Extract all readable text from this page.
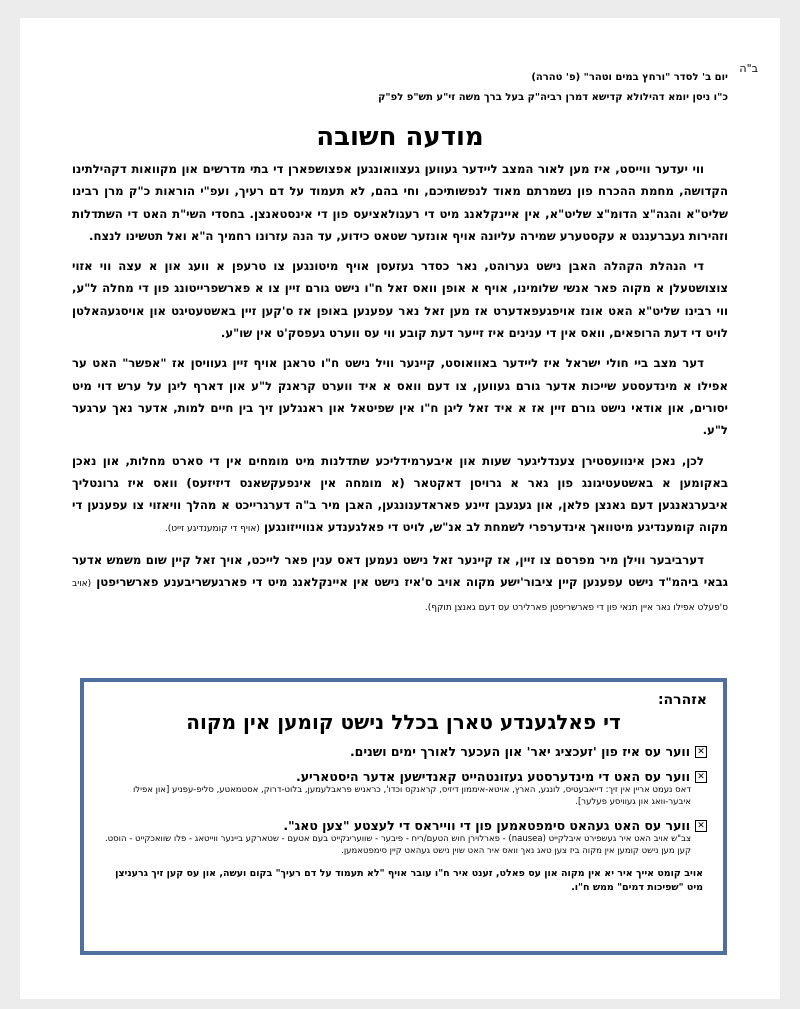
ב"ה
יום ב' לסדר "ורחץ במים וטהר" (פ' טהרה)
כ"ו ניסן יומא דהילולא קדישא דמרן רביה"ק בעל ברך משה זי"ע תש"פ לפ"ק
מודעה חשובה

ווי יעדער ווייסט, איז מען לאור המצב ליידער געווען געצוואונגען אפצושפארן די בתי מדרשים און מקוואות דקהילתינו הקדושה, מחמת ההכרח פון נשמרתם מאוד לנפשותיכם, וחי בהם, לא תעמוד על דם רעיך, ועפ"י הוראות כ"ק מרן רבינו שליט"א והגה"צ הדומ"צ שליט"א, אין איינקלאנג מיט די רעגולאציעס פון די אינסטאנצן. בחסדי השי"ת האט די השתדלות וזהירות געברענגט א עקסטערע שמירה עליונה אויף אונזער שטאט כידוע, עד הנה עזרונו רחמיך ה"א ואל תטשינו לנצח.

די הנהלת הקהלה האבן נישט גערוהט, נאר כסדר געזעסן אויף מיטונגען צו טרעפן א וועג און א עצה ווי אזוי צוצושטעלן א מקוה פאר אנשי שלומינו, אויף א אופן וואס זאל ח"ו נישט גורם זיין צו א פארשפרייטונג פון די מחלה ל"ע, ווי רבינו שליט"א האט אונז אויפגעפאדערט אז מען זאל נאר עפענען באופן אז ס'קען זיין באשטעטיגט און אויסגעהאלטן לויט די דעת הרופאים, וואס אין די ענינים איז זייער דעת קובע ווי עס ווערט געפסק'ט אין שו"ע.

דער מצב ביי חולי ישראל איז ליידער באוואוסט, קיינער וויל נישט ח"ו טראגן אויף זיין געוויסן אז "אפשר" האט ער אפילו א מינדעסטע שייכות אדער גורם געווען, צו דעם וואס א איד ווערט קראנק ל"ע און דארף ליגן על ערש דוי מיט יסורים, און אודאי נישט גורם זיין אז א איד זאל ליגן ח"ו אין שפיטאל און ראנגלען זיך בין חיים למות, אדער נאך ערגער ל"ע.

לכן, נאכן אינוועסטירן צענדליגער שעות און איבערמידליכע שתדלנות מיט מומחים אין די סארט מחלות, און נאכן באקומען א באשטעטיגונג פון גאר א גרויסן דאקטאר (א מומחה אין אינפעקשאנס דיזיזעס) וואס איז גרונטליך איבערגאנגען דעם גאנצן פלאן, און געגעבן זיינע פאראדענונגען, האבן מיר ב"ה דערגרייכט א מהלך וויאזוי צו עפענען די מקוה קומענדיגע מיטוואך אינדערפרי לשמחת לב אנ"ש, לויט די פאלגענדע אנווייזונגען (אויף די קומענדיגע זייט).

דערביבער ווילן מיר מפרסם צו זיין, אז קיינער זאל נישט נעמען דאס ענין פאר לייכט, אויך זאל קיין שום משמש אדער גבאי ביהמ"ד נישט עפענען קיין ציבור'ישע מקוה אויב ס'איז נישט אין איינקלאנג מיט די פארגעשריבענע פארשריפטן (אויב ס'פעלט אפילו נאר איין תנאי פון די פארשריפטן פארלירט עס דעם גאנצן תוקף).

אזהרה:
די פאלגענדע טארן בכלל נישט קומען אין מקוה
✕
ווער עס איז פון 'זעכציג יאר' און העכער לאורך ימים ושנים.
✕
ווער עס האט די מינדערסטע געזונטהייט קאנדישען אדער היסטאריע.
דאס נעמט אריין אין זיך: דייאבעטיס, לונגע, הארץ, אויטא-איממון דיזיס, קראנקס וכדו', כראניש פראבלעמען, בלוט-דרוק, אסטמאטע, סליפ-עפניע [און אפילו איבער-וואג און געוויסע פעלער].
✕
ווער עס האט געהאט סימפטאמען פון די ווייראס די לעצטע "צען טאג".
צב"ש אויב האט איר געשפירט איבלקייט (nausea) - פארלוירן חוש הטעם/ריח - פיבער - שוועריגקייט בעם אטעם - שטארקע ביינער ווייטאג - פלו שוואכקייט - הוסט. קען מען נישט קומען אין מקוה ביז צען טאג נאך וואס איר האט שוין נישט געהאט קיין סימפטאמען.
אויב קומט אייך איר יא אין מקוה און עס פאלט, זענט איר ח"ו עובר אויף "לא תעמוד על דם רעיך" בקום ועשה, און עס קען זיך גרעניצן מיט "שפיכות דמים" ממש ח"ו.
